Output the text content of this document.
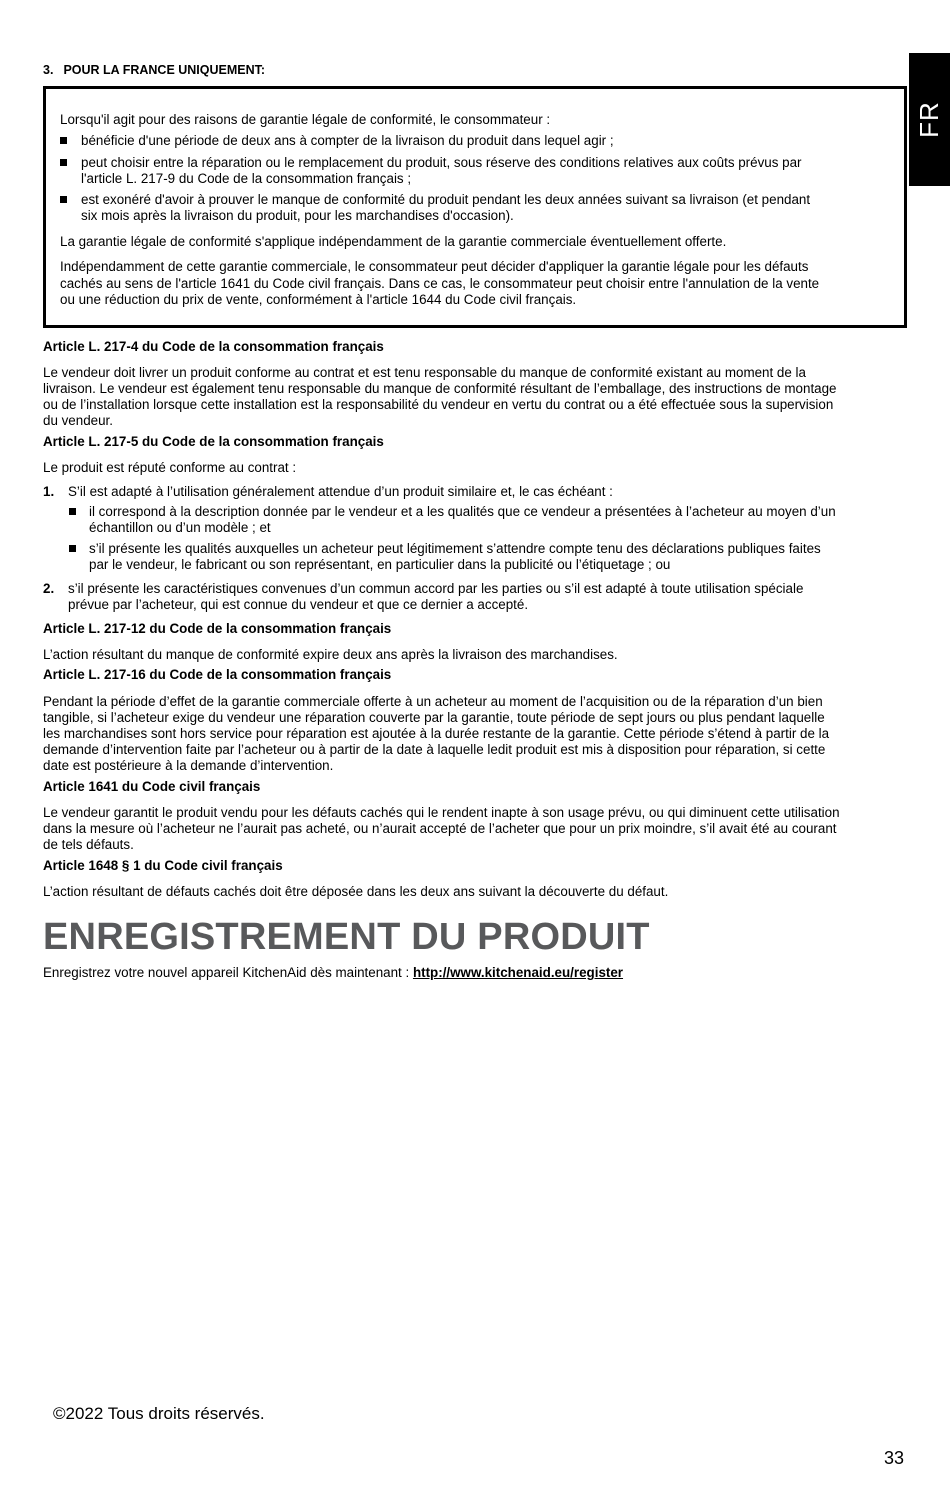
FR
3. POUR LA FRANCE UNIQUEMENT:
Lorsqu'il agit pour des raisons de garantie légale de conformité, le consommateur :
bénéficie d'une période de deux ans à compter de la livraison du produit dans lequel agir ;
peut choisir entre la réparation ou le remplacement du produit, sous réserve des conditions relatives aux coûts prévus par
l'article L. 217-9 du Code de la consommation français ;
est exonéré d'avoir à prouver le manque de conformité du produit pendant les deux années suivant sa livraison (et pendant
six mois après la livraison du produit, pour les marchandises d'occasion).
La garantie légale de conformité s'applique indépendamment de la garantie commerciale éventuellement offerte.
Indépendamment de cette garantie commerciale, le consommateur peut décider d'appliquer la garantie légale pour les défauts
cachés au sens de l'article 1641 du Code civil français. Dans ce cas, le consommateur peut choisir entre l'annulation de la vente
ou une réduction du prix de vente, conformément à l'article 1644 du Code civil français.
Article L. 217-4 du Code de la consommation français
Le vendeur doit livrer un produit conforme au contrat et est tenu responsable du manque de conformité existant au moment de la
livraison. Le vendeur est également tenu responsable du manque de conformité résultant de l’emballage, des instructions de montage
ou de l’installation lorsque cette installation est la responsabilité du vendeur en vertu du contrat ou a été effectuée sous la supervision
du vendeur.
Article L. 217-5 du Code de la consommation français
Le produit est réputé conforme au contrat :
1. S’il est adapté à l’utilisation généralement attendue d’un produit similaire et, le cas échéant :
il correspond à la description donnée par le vendeur et a les qualités que ce vendeur a présentées à l’acheteur au moyen d’un
échantillon ou d’un modèle ; et
s’il présente les qualités auxquelles un acheteur peut légitimement s’attendre compte tenu des déclarations publiques faites
par le vendeur, le fabricant ou son représentant, en particulier dans la publicité ou l’étiquetage ; ou
2. s’il présente les caractéristiques convenues d’un commun accord par les parties ou s’il est adapté à toute utilisation spéciale
prévue par l’acheteur, qui est connue du vendeur et que ce dernier a accepté.
Article L. 217-12 du Code de la consommation français
L’action résultant du manque de conformité expire deux ans après la livraison des marchandises.
Article L. 217-16 du Code de la consommation français
Pendant la période d’effet de la garantie commerciale offerte à un acheteur au moment de l’acquisition ou de la réparation d’un bien
tangible, si l’acheteur exige du vendeur une réparation couverte par la garantie, toute période de sept jours ou plus pendant laquelle
les marchandises sont hors service pour réparation est ajoutée à la durée restante de la garantie. Cette période s’étend à partir de la
demande d’intervention faite par l’acheteur ou à partir de la date à laquelle ledit produit est mis à disposition pour réparation, si cette
date est postérieure à la demande d’intervention.
Article 1641 du Code civil français
Le vendeur garantit le produit vendu pour les défauts cachés qui le rendent inapte à son usage prévu, ou qui diminuent cette utilisation
dans la mesure où l’acheteur ne l’aurait pas acheté, ou n’aurait accepté de l’acheter que pour un prix moindre, s’il avait été au courant
de tels défauts.
Article 1648 § 1 du Code civil français
L’action résultant de défauts cachés doit être déposée dans les deux ans suivant la découverte du défaut.
ENREGISTREMENT DU PRODUIT
Enregistrez votre nouvel appareil KitchenAid dès maintenant : http://www.kitchenaid.eu/register
©2022 Tous droits réservés.
33
